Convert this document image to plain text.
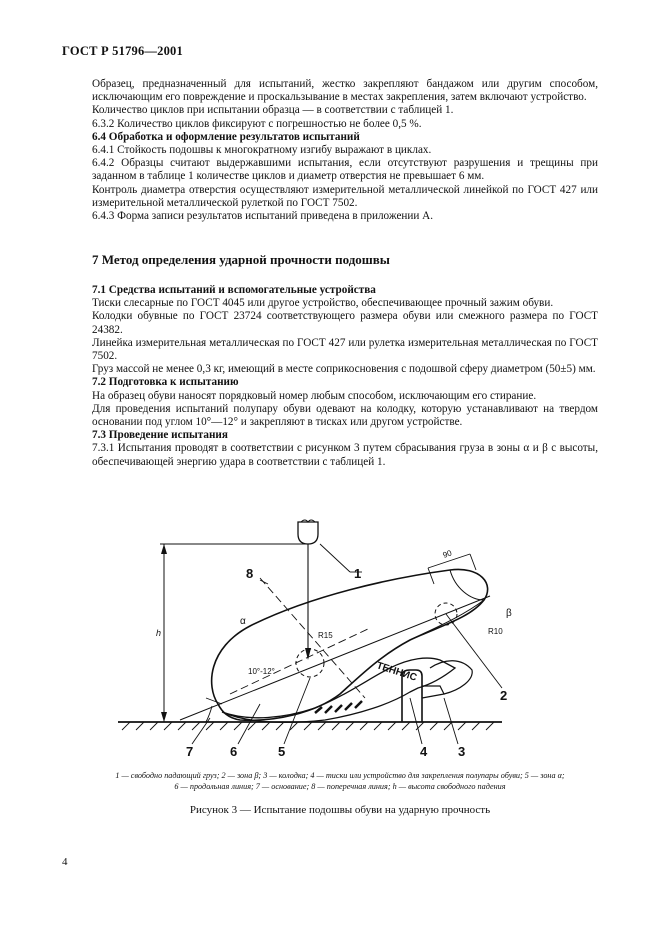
ГОСТ Р 51796—2001

Образец, предназначенный для испытаний, жестко закрепляют бандажом или другим способом, исключающим его повреждение и проскальзывание в местах закрепления, затем включают устройство.

Количество циклов при испытании образца — в соответствии с таблицей 1.

6.3.2 Количество циклов фиксируют с погрешностью не более 0,5 %.

6.4 Обработка и оформление результатов испытаний

6.4.1 Стойкость подошвы к многократному изгибу выражают в циклах.

6.4.2 Образцы считают выдержавшими испытания, если отсутствуют разрушения и трещины при заданном в таблице 1 количестве циклов и диаметр отверстия не превышает 6 мм.

Контроль диаметра отверстия осуществляют измерительной металлической линейкой по ГОСТ 427 или измерительной металлической рулеткой по ГОСТ 7502.

6.4.3 Форма записи результатов испытаний приведена в приложении А.

7 Метод определения ударной прочности подошвы

7.1 Средства испытаний и вспомогательные устройства

Тиски слесарные по ГОСТ 4045 или другое устройство, обеспечивающее прочный зажим обуви.

Колодки обувные по ГОСТ 23724 соответствующего размера обуви или смежного размера по ГОСТ 24382.

Линейка измерительная металлическая по ГОСТ 427 или рулетка измерительная металлическая по ГОСТ 7502.

Груз массой не менее 0,3 кг, имеющий в месте соприкосновения с подошвой сферу диаметром (50±5) мм.

7.2 Подготовка к испытанию

На образец обуви наносят порядковый номер любым способом, исключающим его стирание.

Для проведения испытаний полупару обуви одевают на колодку, которую устанавливают на твердом основании под углом 10°—12° и закрепляют в тисках или другом устройстве.

7.3 Проведение испытания

7.3.1 Испытания проводят в соответствии с рисунком 3 путем сбрасывания груза в зоны α и β с высоты, обеспечивающей энергию удара в соответствии с таблицей 1.

1
2
3
4
5
6
7
8
h
α
β
R15	R10
10°-12°
90
ТЕННИС
1 — свободно падающий груз; 2 — зона β; 3 — колодка; 4 — тиски или устройство для закрепления полупары обуви; 5 — зона α;
6 — продольная линия; 7 — основание; 8 — поперечная линия; h — высота свободного падения
Рисунок 3 — Испытание подошвы обуви на ударную прочность
4
